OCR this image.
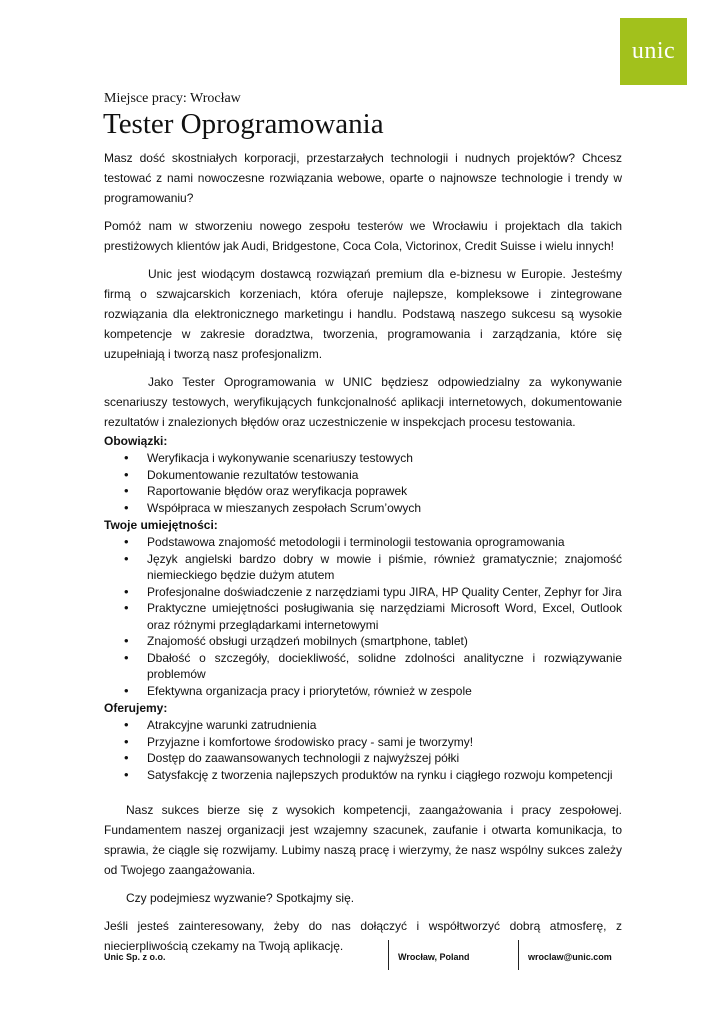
unic
Miejsce pracy: Wrocław
Tester Oprogramowania

Masz dość skostniałych korporacji, przestarzałych technologii i nudnych projektów? Chcesz testować z nami nowoczesne rozwiązania webowe, oparte o najnowsze technologie i trendy w programowaniu?

Pomóż nam w stworzeniu nowego zespołu testerów we Wrocławiu i projektach dla takich prestiżowych klientów jak Audi, Bridgestone, Coca Cola, Victorinox, Credit Suisse i wielu innych!

Unic jest wiodącym dostawcą rozwiązań premium dla e-biznesu w Europie. Jesteśmy firmą o szwajcarskich korzeniach, która oferuje najlepsze, kompleksowe i zintegrowane rozwiązania dla elektronicznego marketingu i handlu. Podstawą naszego sukcesu są wysokie kompetencje w zakresie doradztwa, tworzenia, programowania i zarządzania, które się uzupełniają i tworzą nasz profesjonalizm.

Jako Tester Oprogramowania w UNIC będziesz odpowiedzialny za wykonywanie scenariuszy testowych, weryfikujących funkcjonalność aplikacji internetowych, dokumentowanie rezultatów i znalezionych błędów oraz uczestniczenie w inspekcjach procesu testowania.

Obowiązki:

• Weryfikacja i wykonywanie scenariuszy testowych
• Dokumentowanie rezultatów testowania
• Raportowanie błędów oraz weryfikacja poprawek
• Współpraca w mieszanych zespołach Scrum’owych

Twoje umiejętności:

• Podstawowa znajomość metodologii i terminologii testowania oprogramowania
• Język angielski bardzo dobry w mowie i piśmie, również gramatycznie; znajomość niemieckiego będzie dużym atutem
• Profesjonalne doświadczenie z narzędziami typu JIRA, HP Quality Center, Zephyr for Jira
• Praktyczne umiejętności posługiwania się narzędziami Microsoft Word, Excel, Outlook oraz różnymi przeglądarkami internetowymi
• Znajomość obsługi urządzeń mobilnych (smartphone, tablet)
• Dbałość o szczegóły, dociekliwość, solidne zdolności analityczne i rozwiązywanie problemów
• Efektywna organizacja pracy i priorytetów, również w zespole

Oferujemy:

• Atrakcyjne warunki zatrudnienia
• Przyjazne i komfortowe środowisko pracy - sami je tworzymy!
• Dostęp do zaawansowanych technologii z najwyższej półki
• Satysfakcję z tworzenia najlepszych produktów na rynku i ciągłego rozwoju kompetencji

Nasz sukces bierze się z wysokich kompetencji, zaangażowania i pracy zespołowej. Fundamentem naszej organizacji jest wzajemny szacunek, zaufanie i otwarta komunikacja, to sprawia, że ciągle się rozwijamy. Lubimy naszą pracę i wierzymy, że nasz wspólny sukces zależy od Twojego zaangażowania.

Czy podejmiesz wyzwanie? Spotkajmy się.

Jeśli jesteś zainteresowany, żeby do nas dołączyć i współtworzyć dobrą atmosferę, z niecierpliwością czekamy na Twoją aplikację.

Unic Sp. z o.o.	Wrocław, Poland	wroclaw@unic.com
